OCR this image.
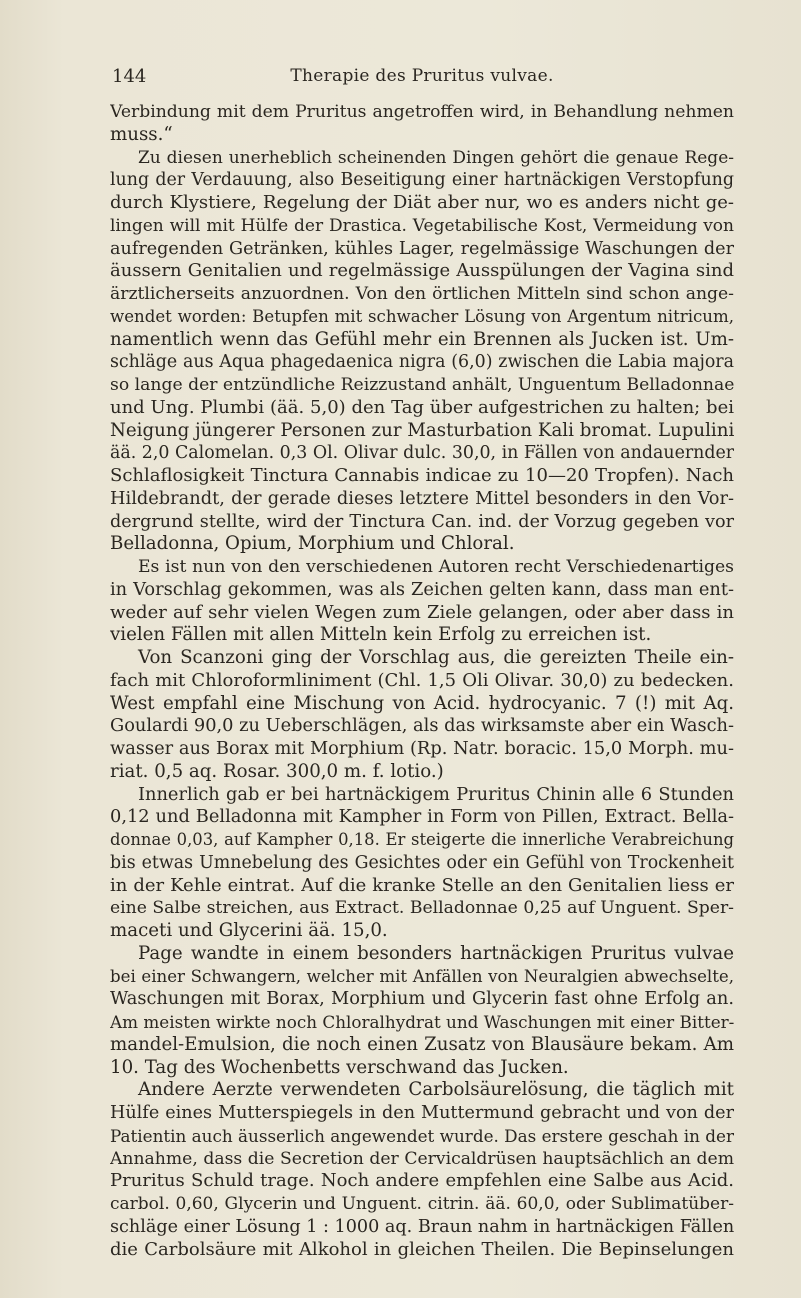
144	Therapie des Pruritus vulvae.
Verbindung mit dem Pruritus angetroffen wird, in Behandlung nehmen
muss.“
Zu diesen unerheblich scheinenden Dingen gehört die genaue Rege-
lung der Verdauung, also Beseitigung einer hartnäckigen Verstopfung
durch Klystiere, Regelung der Diät aber nur, wo es anders nicht ge-
lingen will mit Hülfe der Drastica. Vegetabilische Kost, Vermeidung von
aufregenden Getränken, kühles Lager, regelmässige Waschungen der
äussern Genitalien und regelmässige Ausspülungen der Vagina sind
ärztlicherseits anzuordnen. Von den örtlichen Mitteln sind schon ange-
wendet worden: Betupfen mit schwacher Lösung von Argentum nitricum,
namentlich wenn das Gefühl mehr ein Brennen als Jucken ist. Um-
schläge aus Aqua phagedaenica nigra (6,0) zwischen die Labia majora
so lange der entzündliche Reizzustand anhält, Unguentum Belladonnae
und Ung. Plumbi (ää. 5,0) den Tag über aufgestrichen zu halten; bei
Neigung jüngerer Personen zur Masturbation Kali bromat. Lupulini
ää. 2,0 Calomelan. 0,3 Ol. Olivar dulc. 30,0, in Fällen von andauernder
Schlaflosigkeit Tinctura Cannabis indicae zu 10—20 Tropfen). Nach
Hildebrandt, der gerade dieses letztere Mittel besonders in den Vor-
dergrund stellte, wird der Tinctura Can. ind. der Vorzug gegeben vor
Belladonna, Opium, Morphium und Chloral.
Es ist nun von den verschiedenen Autoren recht Verschiedenartiges
in Vorschlag gekommen, was als Zeichen gelten kann, dass man ent-
weder auf sehr vielen Wegen zum Ziele gelangen, oder aber dass in
vielen Fällen mit allen Mitteln kein Erfolg zu erreichen ist.
Von Scanzoni ging der Vorschlag aus, die gereizten Theile ein-
fach mit Chloroformliniment (Chl. 1,5 Oli Olivar. 30,0) zu bedecken.
West empfahl eine Mischung von Acid. hydrocyanic. 7 (!) mit Aq.
Goulardi 90,0 zu Ueberschlägen, als das wirksamste aber ein Wasch-
wasser aus Borax mit Morphium (Rp. Natr. boracic. 15,0 Morph. mu-
riat. 0,5 aq. Rosar. 300,0 m. f. lotio.)
Innerlich gab er bei hartnäckigem Pruritus Chinin alle 6 Stunden
0,12 und Belladonna mit Kampher in Form von Pillen, Extract. Bella-
donnae 0,03, auf Kampher 0,18. Er steigerte die innerliche Verabreichung
bis etwas Umnebelung des Gesichtes oder ein Gefühl von Trockenheit
in der Kehle eintrat. Auf die kranke Stelle an den Genitalien liess er
eine Salbe streichen, aus Extract. Belladonnae 0,25 auf Unguent. Sper-
maceti und Glycerini ää. 15,0.
Page wandte in einem besonders hartnäckigen Pruritus vulvae
bei einer Schwangern, welcher mit Anfällen von Neuralgien abwechselte,
Waschungen mit Borax, Morphium und Glycerin fast ohne Erfolg an.
Am meisten wirkte noch Chloralhydrat und Waschungen mit einer Bitter-
mandel-Emulsion, die noch einen Zusatz von Blausäure bekam. Am
10. Tag des Wochenbetts verschwand das Jucken.
Andere Aerzte verwendeten Carbolsäurelösung, die täglich mit
Hülfe eines Mutterspiegels in den Muttermund gebracht und von der
Patientin auch äusserlich angewendet wurde. Das erstere geschah in der
Annahme, dass die Secretion der Cervicaldrüsen hauptsächlich an dem
Pruritus Schuld trage. Noch andere empfehlen eine Salbe aus Acid.
carbol. 0,60, Glycerin und Unguent. citrin. ää. 60,0, oder Sublimatüber-
schläge einer Lösung 1 : 1000 aq. Braun nahm in hartnäckigen Fällen
die Carbolsäure mit Alkohol in gleichen Theilen. Die Bepinselungen
